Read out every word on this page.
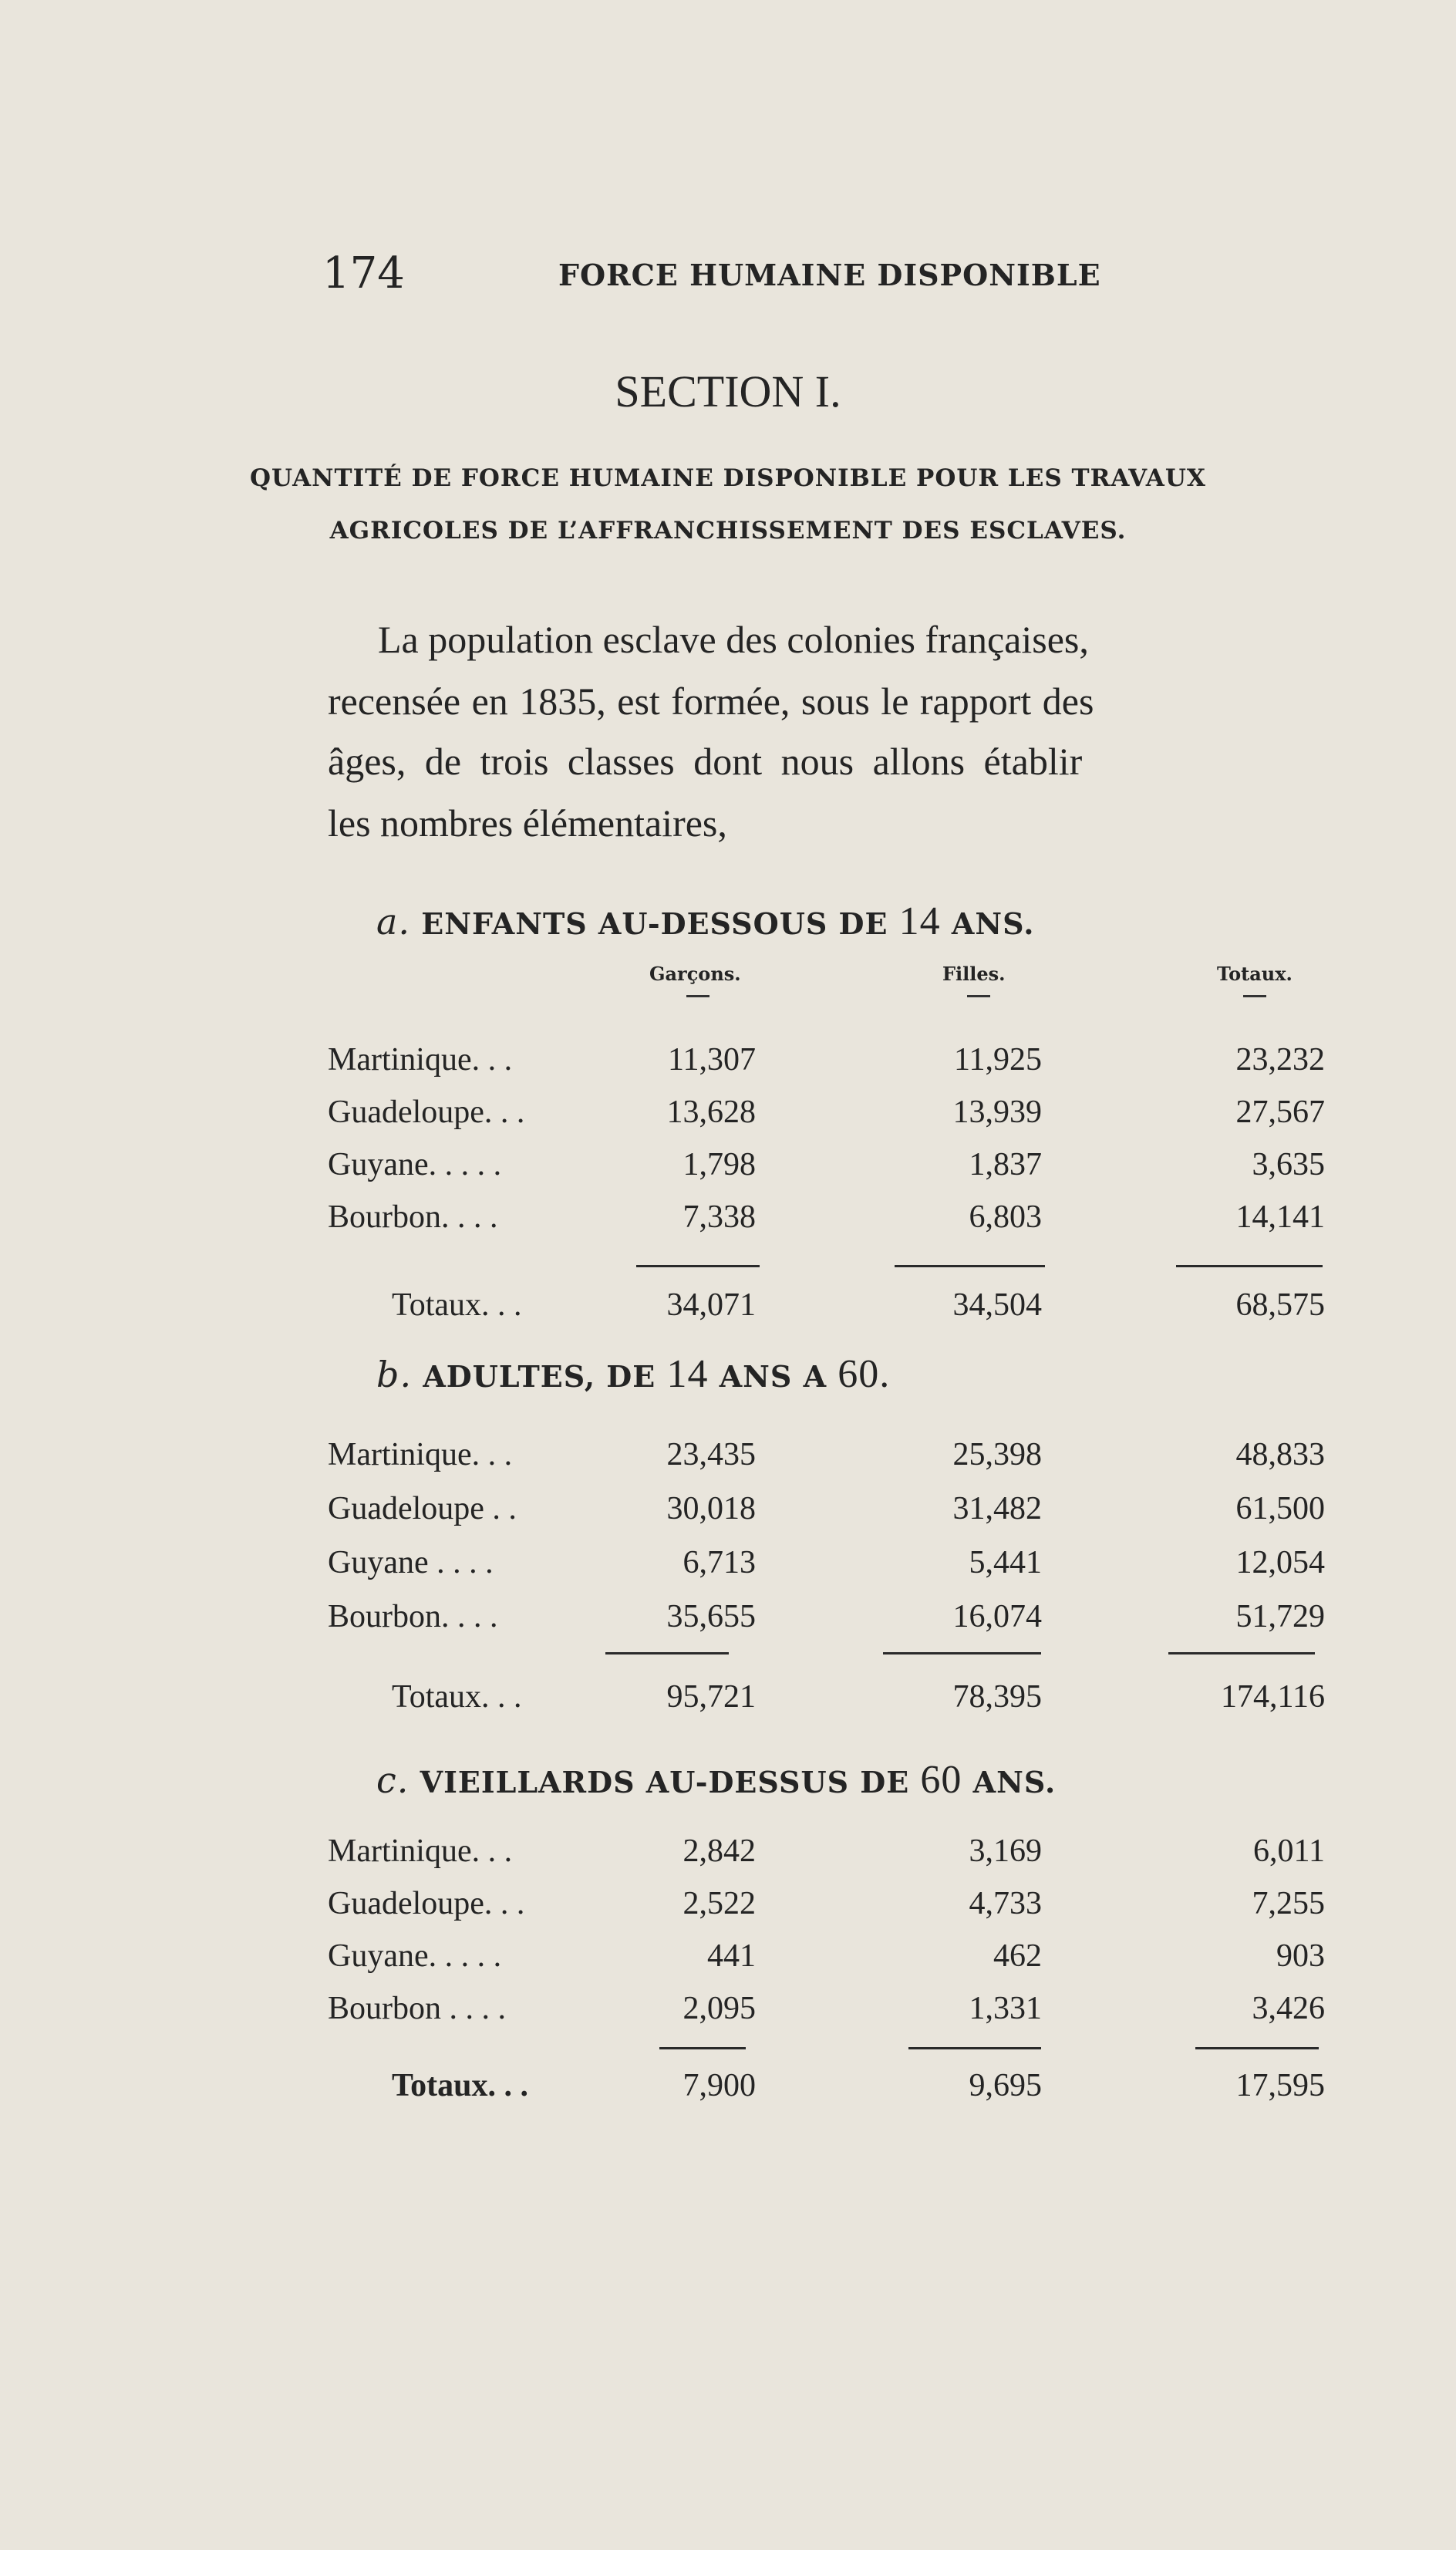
174	FORCE HUMAINE DISPONIBLE
SECTION I.
QUANTITÉ DE FORCE HUMAINE DISPONIBLE POUR LES TRAVAUX
AGRICOLES DE L’AFFRANCHISSEMENT DES ESCLAVES.
La population esclave des colonies françaises,
recensée en 1835, est formée, sous le rapport des
âges, de trois classes dont nous allons établir
les nombres élémentaires,
a. ENFANTS AU-DESSOUS DE 14 ANS.
Garçons.	Filles.	Totaux.
Martinique. . .	11,307	11,925	23,232
Guadeloupe. . .	13,628	13,939	27,567
Guyane. . . . .	1,798	1,837	3,635
Bourbon. . . .	7,338	6,803	14,141
Totaux. . .	34,071	34,504	68,575
b. ADULTES, DE 14 ANS A 60.
Martinique. . .	23,435	25,398	48,833
Guadeloupe . .	30,018	31,482	61,500
Guyane . . . .	6,713	5,441	12,054
Bourbon. . . .	35,655	16,074	51,729
Totaux. . .	95,721	78,395	174,116
c. VIEILLARDS AU-DESSUS DE 60 ANS.
Martinique. . .	2,842	3,169	6,011
Guadeloupe. . .	2,522	4,733	7,255
Guyane. . . . .	441	462	903
Bourbon . . . .	2,095	1,331	3,426
Totaux. . .	7,900	9,695	17,595
